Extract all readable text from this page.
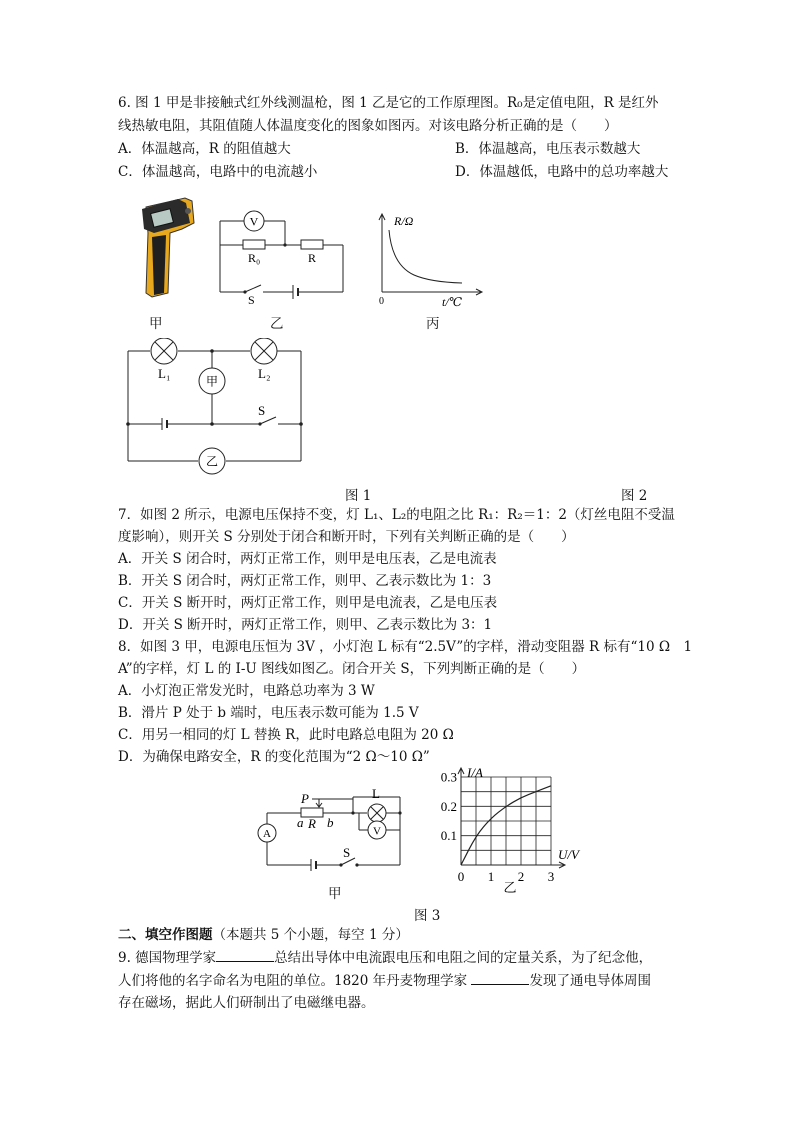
6. 图 1 甲是非接触式红外线测温枪，图 1 乙是它的工作原理图。R₀是定值电阻，R 是红外
线热敏电阻，其阻值随人体温度变化的图象如图丙。对该电路分析正确的是（　　）
A．体温越高，R 的阻值越大	B．体温越高，电压表示数越大
C．体温越高，电路中的电流越小	D．体温越低，电路中的总功率越大
甲
V
R₀	R
S
乙
R/Ω
0	t/℃
丙
L₁	L₂
甲
乙
S
图 1	图 2
7．如图 2 所示，电源电压保持不变，灯 L₁、L₂的电阻之比 R₁：R₂＝1：2（灯丝电阻不受温
度影响），则开关 S 分别处于闭合和断开时，下列有关判断正确的是（　　）
A．开关 S 闭合时，两灯正常工作，则甲是电压表，乙是电流表
B．开关 S 闭合时，两灯正常工作，则甲、乙表示数比为 1：3
C．开关 S 断开时，两灯正常工作，则甲是电流表，乙是电压表
D．开关 S 断开时，两灯正常工作，则甲、乙表示数比为 3：1
8．如图 3 甲，电源电压恒为 3V ，小灯泡 L 标有“2.5V”的字样，滑动变阻器 R 标有“10 Ω　1
A”的字样，灯 L 的 I-U 图线如图乙。闭合开关 S，下列判断正确的是（　　）
A．小灯泡正常发光时，电路总功率为 3 W
B．滑片 P 处于 b 端时，电压表示数可能为 1.5 V
C．用另一相同的灯 L 替换 R，此时电路总电阻为 20 Ω
D．为确保电路安全，R 的变化范围为“2 Ω～10 Ω”
P
a R b
L
V
A
S
甲
0 1 2 3
0.1
0.2
0.3 I/A
U/V
乙
图 3
二、填空作图题（本题共 5 个小题，每空 1 分）
9. 德国物理学家	总结出导体中电流跟电压和电阻之间的定量关系，为了纪念他，
人们将他的名字命名为电阻的单位。1820 年丹麦物理学家	发现了通电导体周围
存在磁场，据此人们研制出了电磁继电器。
